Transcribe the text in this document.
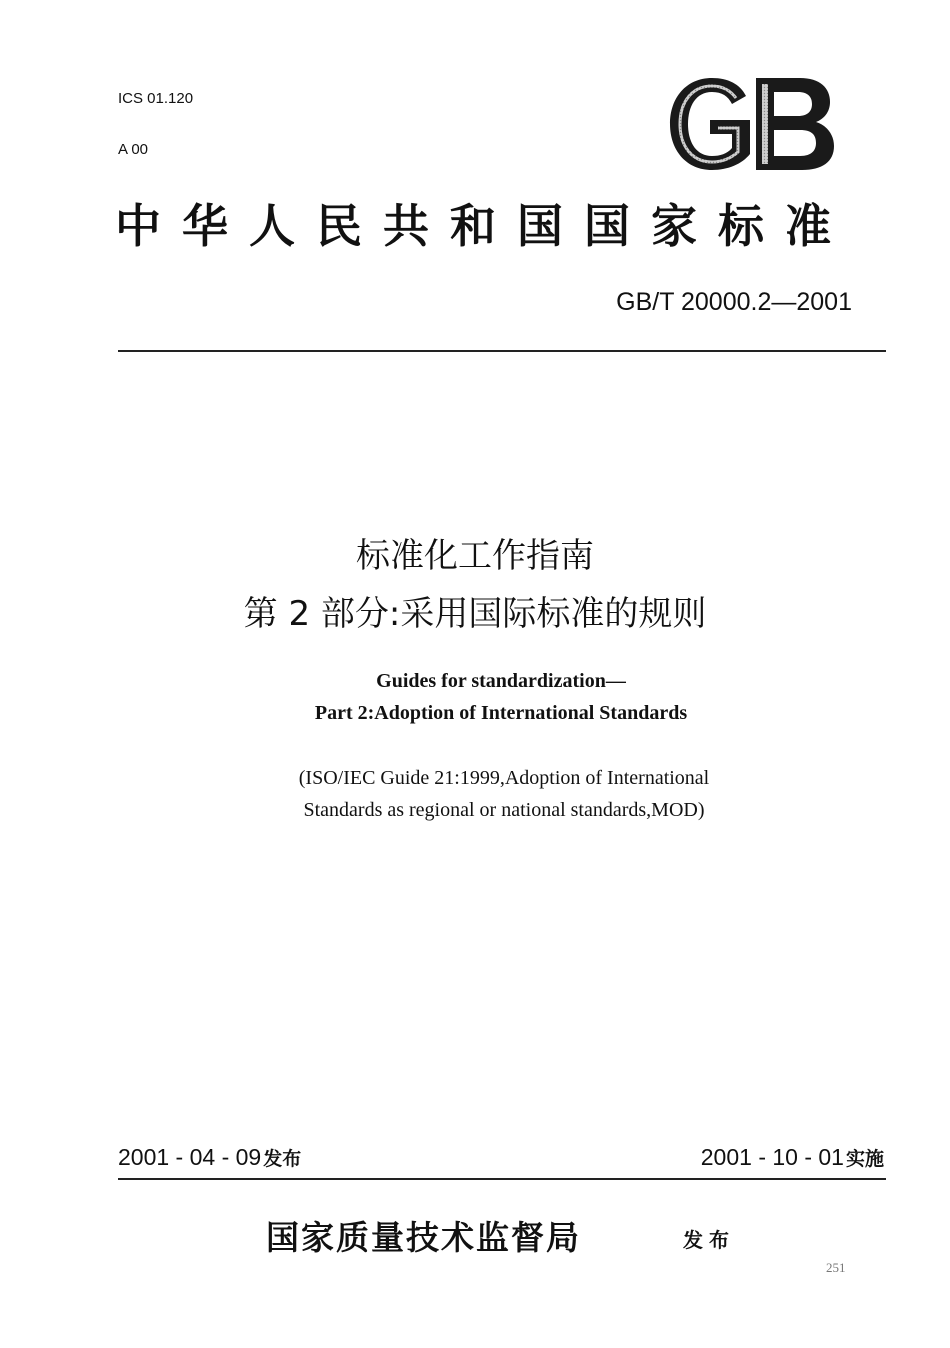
ICS 01.120

A 00

GB
中华人民共和国国家标准
GB/T 20000.2—2001
标准化工作指南
第 2 部分:采用国际标准的规则
Guides for standardization—
Part 2:Adoption of International Standards
(ISO/IEC Guide 21:1999,Adoption of International
Standards as regional or national standards,MOD)
2001 - 04 - 09 发布	2001 - 10 - 01 实施
国家质量技术监督局	发布
251
